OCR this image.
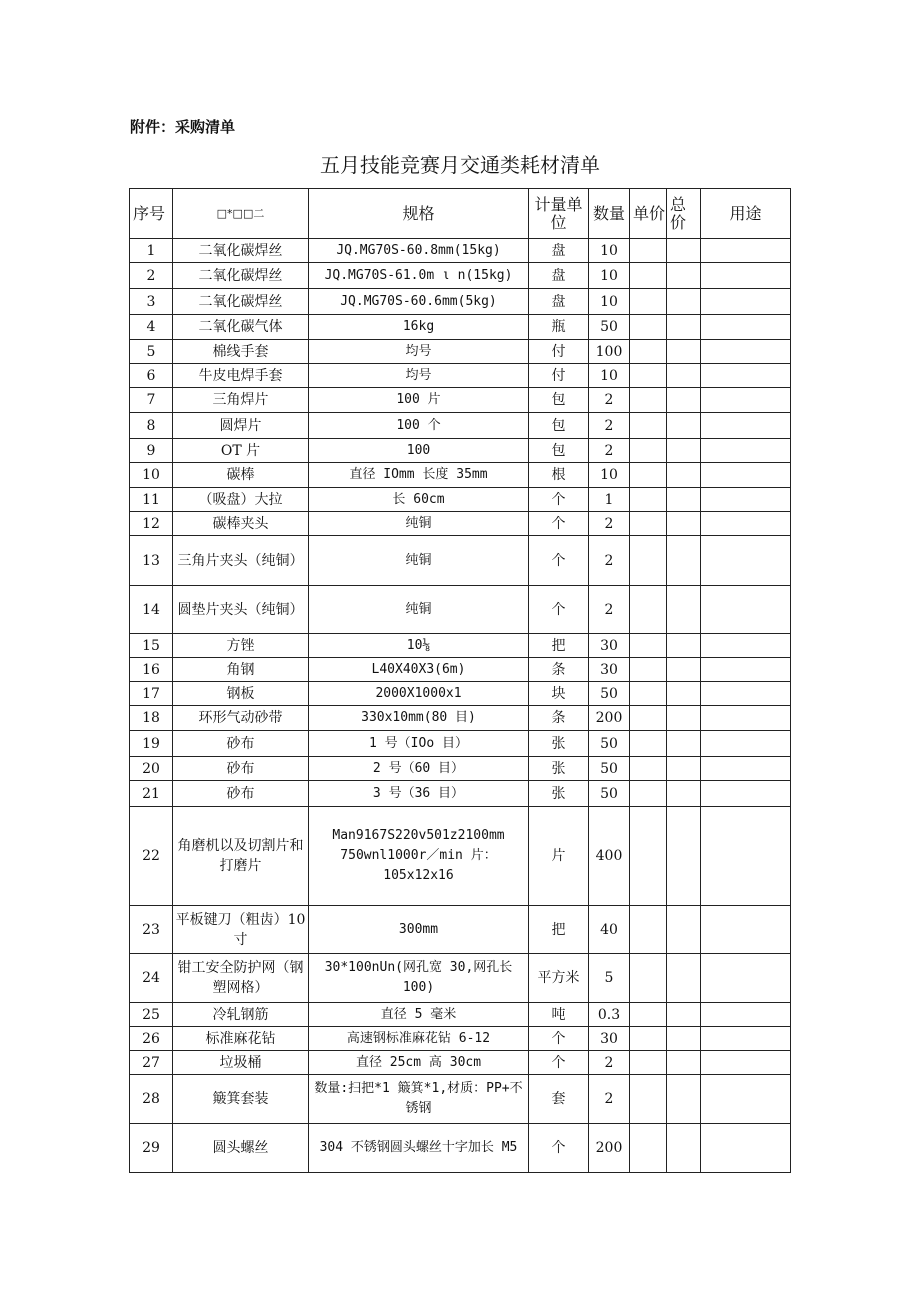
附件：采购清单
五月技能竞赛月交通类耗材清单
序号	□*□□二	规格	计量单位	数量	单价	总价	用途
1	二氧化碳焊丝	JQ.MG70S-60.8mm(15kg)	盘	10			
2	二氧化碳焊丝	JQ.MG70S-61.0m ι n(15kg)	盘	10			
3	二氧化碳焊丝	JQ.MG70S-60.6mm(5kg)	盘	10			
4	二氧化碳气体	16kg	瓶	50			
5	棉线手套	均号	付	100			
6	牛皮电焊手套	均号	付	10			
7	三角焊片	100 片	包	2			
8	圆焊片	100 个	包	2			
9	OT 片	100	包	2			
10	碳棒	直径 IOmm 长度 35mm	根	10			
11	（吸盘）大拉	长 60cm	个	1			
12	碳棒夹头	纯铜	个	2			
13	三角片夹头（纯铜）	纯铜	个	2			
14	圆垫片夹头（纯铜）	纯铜	个	2			
15	方锉	10⅛	把	30			
16	角钢	L40X40X3(6m)	条	30			
17	钢板	2000X1000x1	块	50			
18	环形气动砂带	330x10mm(80 目)	条	200			
19	砂布	1 号（IOo 目）	张	50			
20	砂布	2 号（60 目）	张	50			
21	砂布	3 号（36 目）	张	50			
22	角磨机以及切割片和打磨片	Man9167S220v501z2100mm 750wnl1000r／min 片：105x12x16	片	400			
23	平板键刀（粗齿）10 寸	300mm	把	40			
24	钳工安全防护网（钢塑网格）	30*100nUn(网孔宽 30,网孔长 100)	平方米	5			
25	冷轧钢筋	直径 5 毫米	吨	0.3			
26	标准麻花钻	高速钢标准麻花钻 6-12	个	30			
27	垃圾桶	直径 25cm 高 30cm	个	2			
28	簸箕套装	数量:扫把*1 簸箕*1,材质：PP+不锈钢	套	2			
29	圆头螺丝	304 不锈钢圆头螺丝十字加长 M5	个	200			
